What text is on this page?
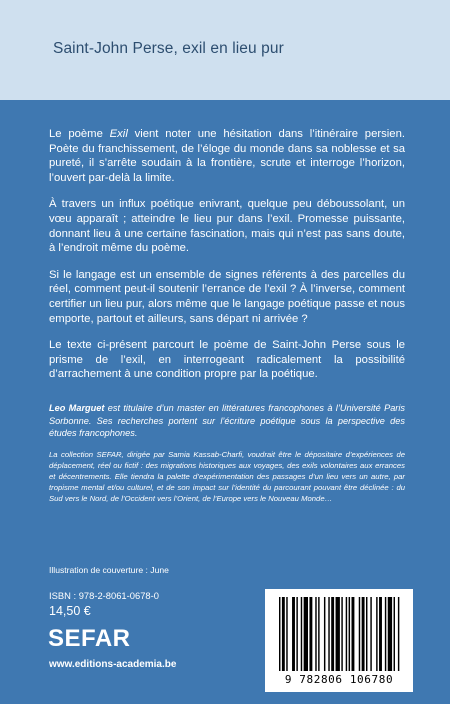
Saint-John Perse, exil en lieu pur

Le poème Exil vient noter une hésitation dans l’itinéraire persien. Poète du franchissement, de l’éloge du monde dans sa noblesse et sa pureté, il s’arrête soudain à la frontière, scrute et interroge l’horizon, l’ouvert par-delà la limite.

À travers un influx poétique enivrant, quelque peu déboussolant, un vœu apparaît ; atteindre le lieu pur dans l’exil. Promesse puissante, donnant lieu à une certaine fascination, mais qui n’est pas sans doute, à l’endroit même du poème.

Si le langage est un ensemble de signes référents à des parcelles du réel, comment peut-il soutenir l’errance de l’exil ? À l’inverse, comment certifier un lieu pur, alors même que le langage poétique passe et nous emporte, partout et ailleurs, sans départ ni arrivée ?

Le texte ci-présent parcourt le poème de Saint-John Perse sous le prisme de l’exil, en interrogeant radicalement la possibilité d’arrachement à une condition propre par la poétique.

Leo Marguet est titulaire d’un master en littératures francophones à l’Université Paris Sorbonne. Ses recherches portent sur l’écriture poétique sous la perspective des études francophones.
La collection SEFAR, dirigée par Samia Kassab-Charfi, voudrait être le dépositaire d’expériences de déplacement, réel ou fictif : des migrations historiques aux voyages, des exils volontaires aux errances et décentrements. Elle tiendra la palette d’expérimentation des passages d’un lieu vers un autre, par tropisme mental et/ou culturel, et de son impact sur l’identité du parcourant pouvant être déclinée : du Sud vers le Nord, de l’Occident vers l’Orient, de l’Europe vers le Nouveau Monde…
Illustration de couverture : June
ISBN : 978-2-8061-0678-0
14,50 €
SEFAR
www.editions-academia.be
9 782806 106780
